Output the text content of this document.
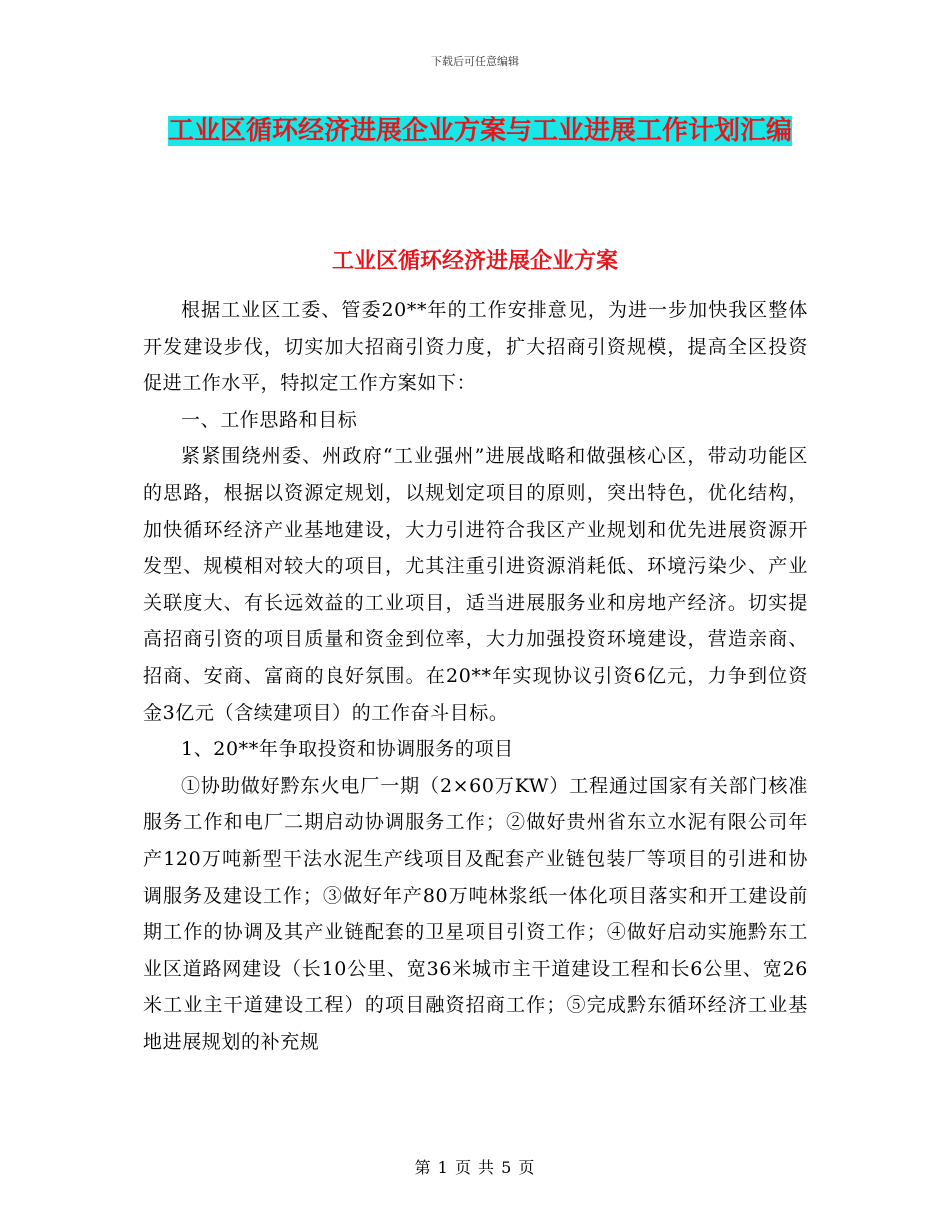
下载后可任意编辑
工业区循环经济进展企业方案与工业进展工作计划汇编
工业区循环经济进展企业方案

根据工业区工委、管委20**年的工作安排意见，为进一步加快我区整体开发建设步伐，切实加大招商引资力度，扩大招商引资规模，提高全区投资促进工作水平，特拟定工作方案如下：

一、工作思路和目标

紧紧围绕州委、州政府“工业强州”进展战略和做强核心区，带动功能区的思路，根据以资源定规划，以规划定项目的原则，突出特色，优化结构，加快循环经济产业基地建设，大力引进符合我区产业规划和优先进展资源开发型、规模相对较大的项目，尤其注重引进资源消耗低、环境污染少、产业关联度大、有长远效益的工业项目，适当进展服务业和房地产经济。切实提高招商引资的项目质量和资金到位率，大力加强投资环境建设，营造亲商、招商、安商、富商的良好氛围。在20**年实现协议引资6亿元，力争到位资金3亿元（含续建项目）的工作奋斗目标。

1、20**年争取投资和协调服务的项目

①协助做好黔东火电厂一期（2×60万KW）工程通过国家有关部门核准服务工作和电厂二期启动协调服务工作；②做好贵州省东立水泥有限公司年产120万吨新型干法水泥生产线项目及配套产业链包装厂等项目的引进和协调服务及建设工作；③做好年产80万吨林浆纸一体化项目落实和开工建设前期工作的协调及其产业链配套的卫星项目引资工作；④做好启动实施黔东工业区道路网建设（长10公里、宽36米城市主干道建设工程和长6公里、宽26米工业主干道建设工程）的项目融资招商工作；⑤完成黔东循环经济工业基地进展规划的补充规

第 1 页 共 5 页
